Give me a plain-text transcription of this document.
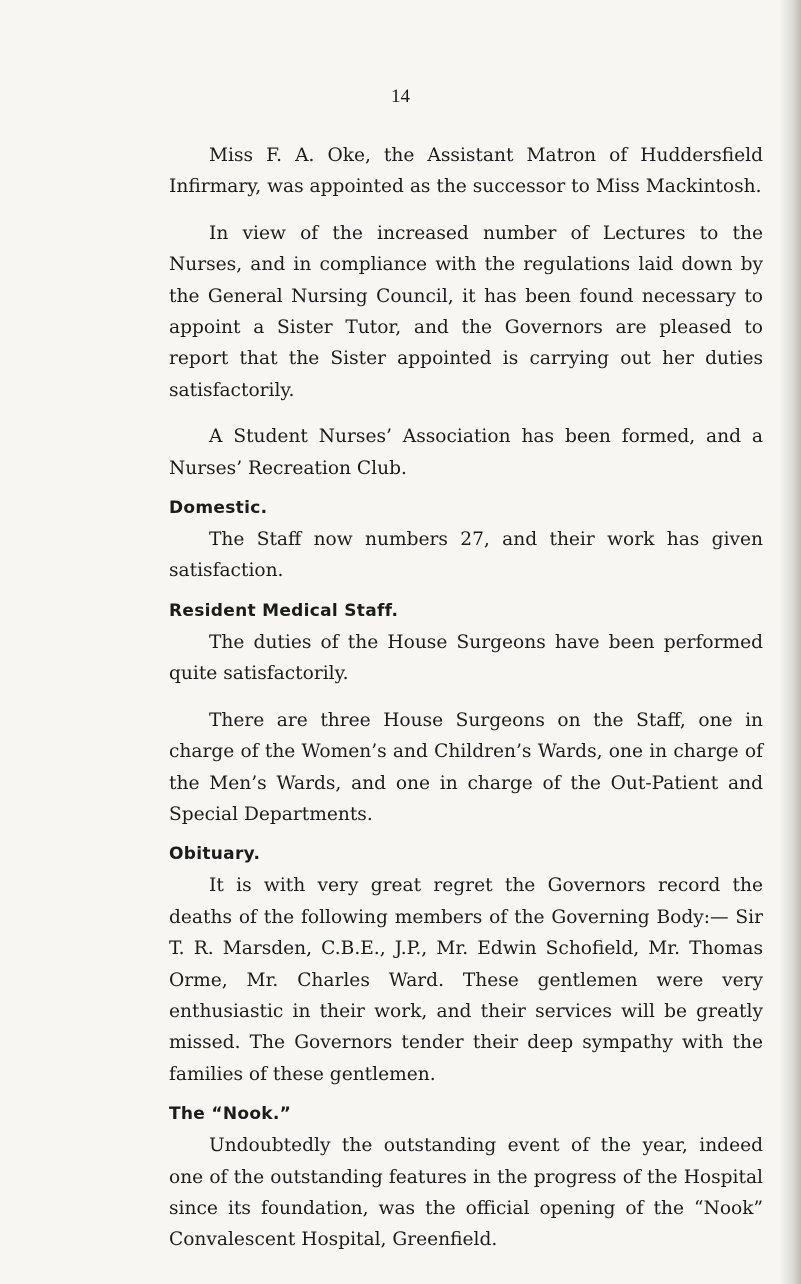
14

Miss F. A. Oke, the Assistant Matron of Huddersfield Infirmary, was appointed as the successor to Miss Mackintosh.

In view of the increased number of Lectures to the Nurses, and in compliance with the regulations laid down by the General Nursing Council, it has been found necessary to appoint a Sister Tutor, and the Governors are pleased to report that the Sister appointed is carrying out her duties satisfactorily.

A Student Nurses’ Association has been formed, and a Nurses’ Recreation Club.

Domestic.

The Staff now numbers 27, and their work has given satisfaction.

Resident Medical Staff.

The duties of the House Surgeons have been performed quite satisfactorily.

There are three House Surgeons on the Staff, one in charge of the Women’s and Children’s Wards, one in charge of the Men’s Wards, and one in charge of the Out-Patient and Special Departments.

Obituary.

It is with very great regret the Governors record the deaths of the following members of the Governing Body:— Sir T. R. Marsden, C.B.E., J.P., Mr. Edwin Schofield, Mr. Thomas Orme, Mr. Charles Ward. These gentlemen were very enthusiastic in their work, and their services will be greatly missed. The Governors tender their deep sympathy with the families of these gentlemen.

The “Nook.”

Undoubtedly the outstanding event of the year, indeed one of the outstanding features in the progress of the Hospital since its foundation, was the official opening of the “Nook” Convalescent Hospital, Greenfield.
